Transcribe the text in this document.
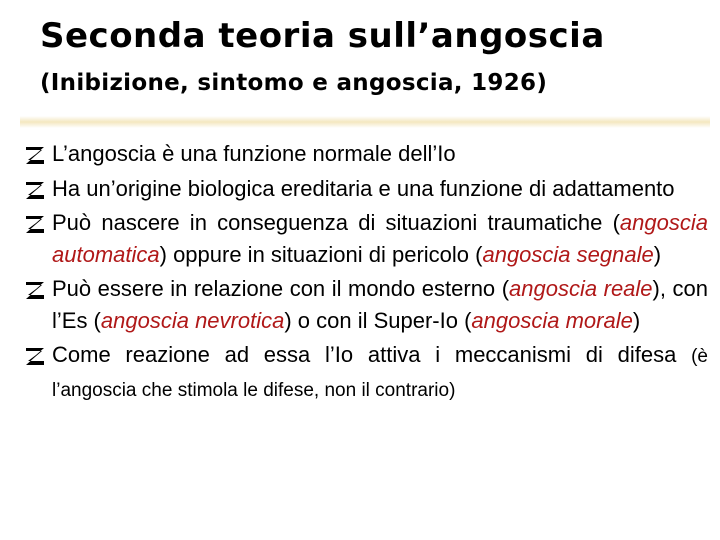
Seconda teoria sull’angoscia
(Inibizione, sintomo e angoscia, 1926)
L’angoscia è una funzione normale dell’Io
Ha un’origine biologica ereditaria e una funzione di adattamento
Può nascere in conseguenza di situazioni traumatiche (angoscia automatica) oppure in situazioni di pericolo (angoscia segnale)
Può essere in relazione con il mondo esterno (angoscia reale), con l’Es (angoscia nevrotica) o con il Super-Io (angoscia morale)
Come reazione ad essa l’Io attiva i meccanismi di difesa (è l’angoscia che stimola le difese, non il contrario)
